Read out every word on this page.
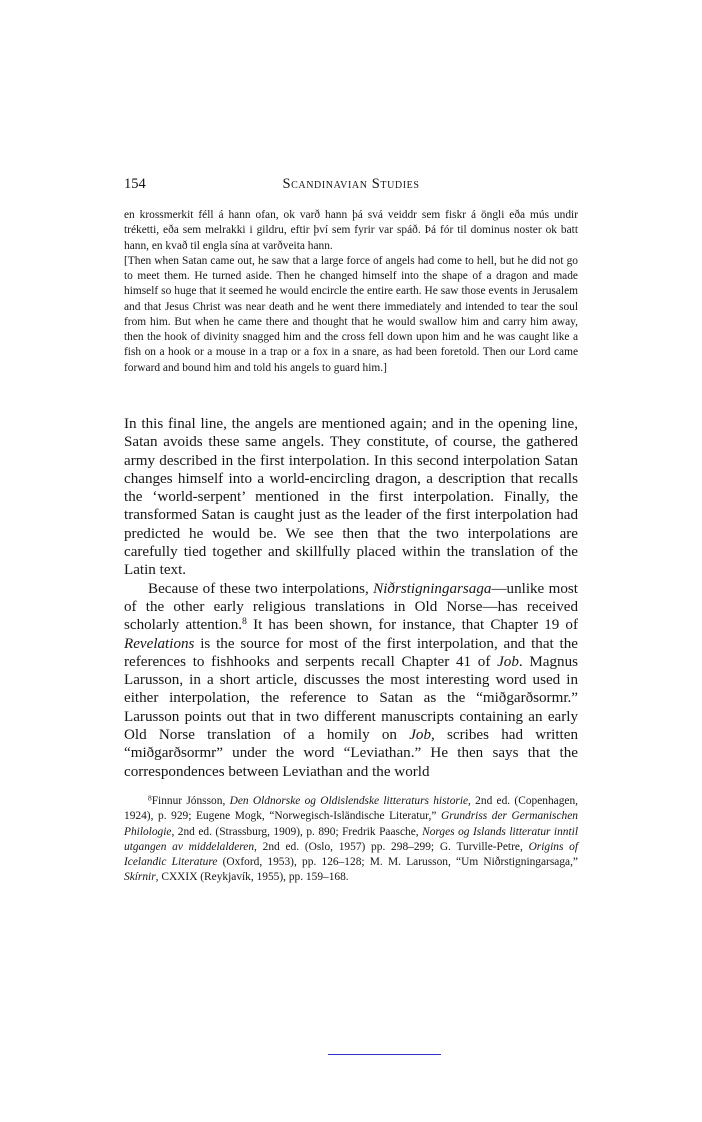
154	Scandinavian Studies

en krossmerkit féll á hann ofan, ok varð hann þá svá veiddr sem fiskr á öngli eða mús undir tréketti, eða sem melrakki i gildru, eftir því sem fyrir var spáð. Þá fór til dominus noster ok batt hann, en kvað til engla sína at varðveita hann.

[Then when Satan came out, he saw that a large force of angels had come to hell, but he did not go to meet them. He turned aside. Then he changed himself into the shape of a dragon and made himself so huge that it seemed he would encircle the entire earth. He saw those events in Jerusalem and that Jesus Christ was near death and he went there immediately and intended to tear the soul from him. But when he came there and thought that he would swallow him and carry him away, then the hook of divinity snagged him and the cross fell down upon him and he was caught like a fish on a hook or a mouse in a trap or a fox in a snare, as had been foretold. Then our Lord came forward and bound him and told his angels to guard him.]

In this final line, the angels are mentioned again; and in the opening line, Satan avoids these same angels. They constitute, of course, the gathered army described in the first interpolation. In this second interpolation Satan changes himself into a world-encircling dragon, a description that recalls the ‘world-serpent’ mentioned in the first interpolation. Finally, the transformed Satan is caught just as the leader of the first interpolation had predicted he would be. We see then that the two interpolations are carefully tied together and skillfully placed within the translation of the Latin text.

Because of these two interpolations, Niðrstigningarsaga—unlike most of the other early religious translations in Old Norse—has received scholarly attention.$^8$ It has been shown, for instance, that Chapter 19 of Revelations is the source for most of the first interpolation, and that the references to fishhooks and serpents recall Chapter 41 of Job. Magnus Larusson, in a short article, discusses the most interesting word used in either interpolation, the reference to Satan as the “miðgarðsormr.” Larusson points out that in two different manuscripts containing an early Old Norse translation of a homily on Job, scribes had written “miðgarðsormr” under the word “Leviathan.” He then says that the correspondences between Leviathan and the world

$^8$Finnur Jónsson, Den Oldnorske og Oldislendske litteraturs historie, 2nd ed. (Copenhagen, 1924), p. 929; Eugene Mogk, “Norwegisch-Isländische Literatur,” Grundriss der Germanischen Philologie, 2nd ed. (Strassburg, 1909), p. 890; Fredrik Paasche, Norges og Islands litteratur inntil utgangen av middelalderen, 2nd ed. (Oslo, 1957) pp. 298–299; G. Turville-Petre, Origins of Icelandic Literature (Oxford, 1953), pp. 126–128; M. M. Larusson, “Um Niðrstigningarsaga,” Skírnir, CXXIX (Reykjavík, 1955), pp. 159–168.
